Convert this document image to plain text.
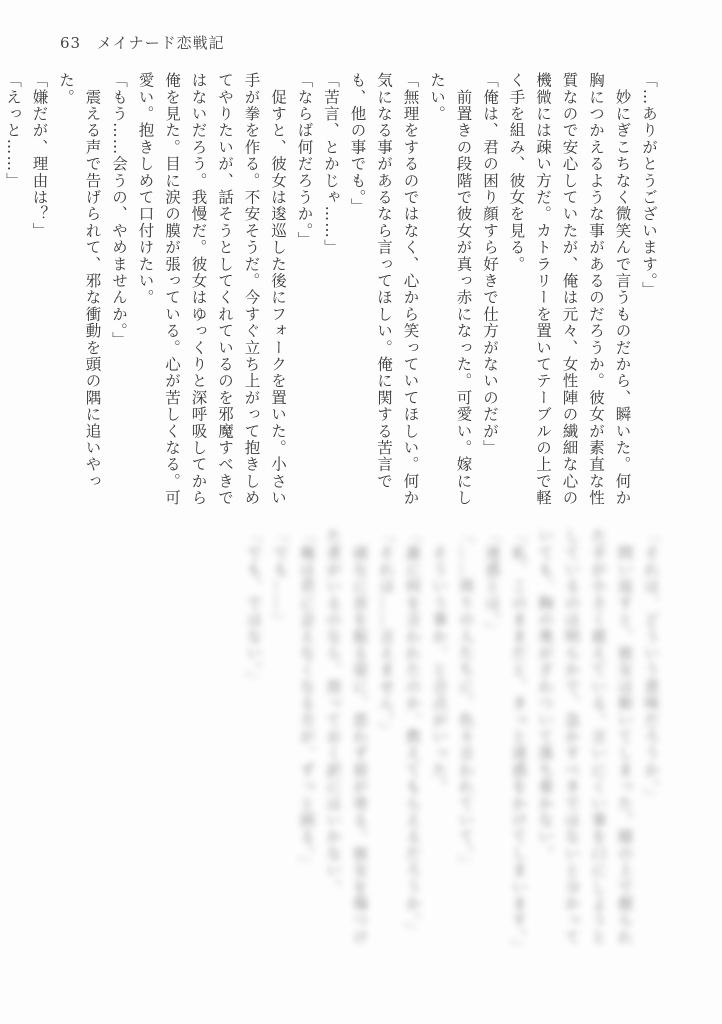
63 メイナード恋戦記

「…ありがとうございます。」

　妙にぎこちなく微笑んで言うものだから、瞬いた。何か胸につかえるような事があるのだろうか。彼女が素直な性質なので安心していたが、俺は元々、女性陣の繊細な心の機微には疎い方だ。カトラリーを置いてテーブルの上で軽く手を組み、彼女を見る。

「俺は、君の困り顔すら好きで仕方がないのだが」

　前置きの段階で彼女が真っ赤になった。可愛い。嫁にしたい。

「無理をするのではなく、心から笑っていてほしい。何か気になる事があるなら言ってほしい。俺に関する苦言でも、他の事でも。」

「苦言、とかじゃ……」

「ならば何だろうか。」

　促すと、彼女は逡巡した後にフォークを置いた。小さい手が拳を作る。不安そうだ。今すぐ立ち上がって抱きしめてやりたいが、話そうとしてくれているのを邪魔すべきではないだろう。我慢だ。彼女はゆっくりと深呼吸してから俺を見た。目に涙の膜が張っている。心が苦しくなる。可愛い。抱きしめて口付けたい。

「もう……会うの、やめませんか。」

　震える声で告げられて、邪な衝動を頭の隅に追いやった。

「嫌だが、理由は？」

「えっと……」

「それは、どういう意味だろうか。」

　問い返すと、彼女は俯いてしまった。膝の上で握られた手が小さく震えている。言いにくい事を口にしようとしているのは明らかで、急かすべきではないと分かっていても、胸の奥がざわついて落ち着かない。

「私、このままだと、きっと迷惑をかけてしまいます。」

「迷惑とは。」

「……周りの人たちに、色々言われていて。」

　そういう事か、と合点がいった。

「誰に何を言われたのか、教えてもらえるだろうか。」

「それは……言えません。」

　頑なに首を振る姿に、思わず眉が寄る。彼女を傷つけた者がいるのなら、放っておく訳にはいかない。

「俺は君に会えなくなる方が、ずっと困る。」

「でも……」

「でも、ではない。」
